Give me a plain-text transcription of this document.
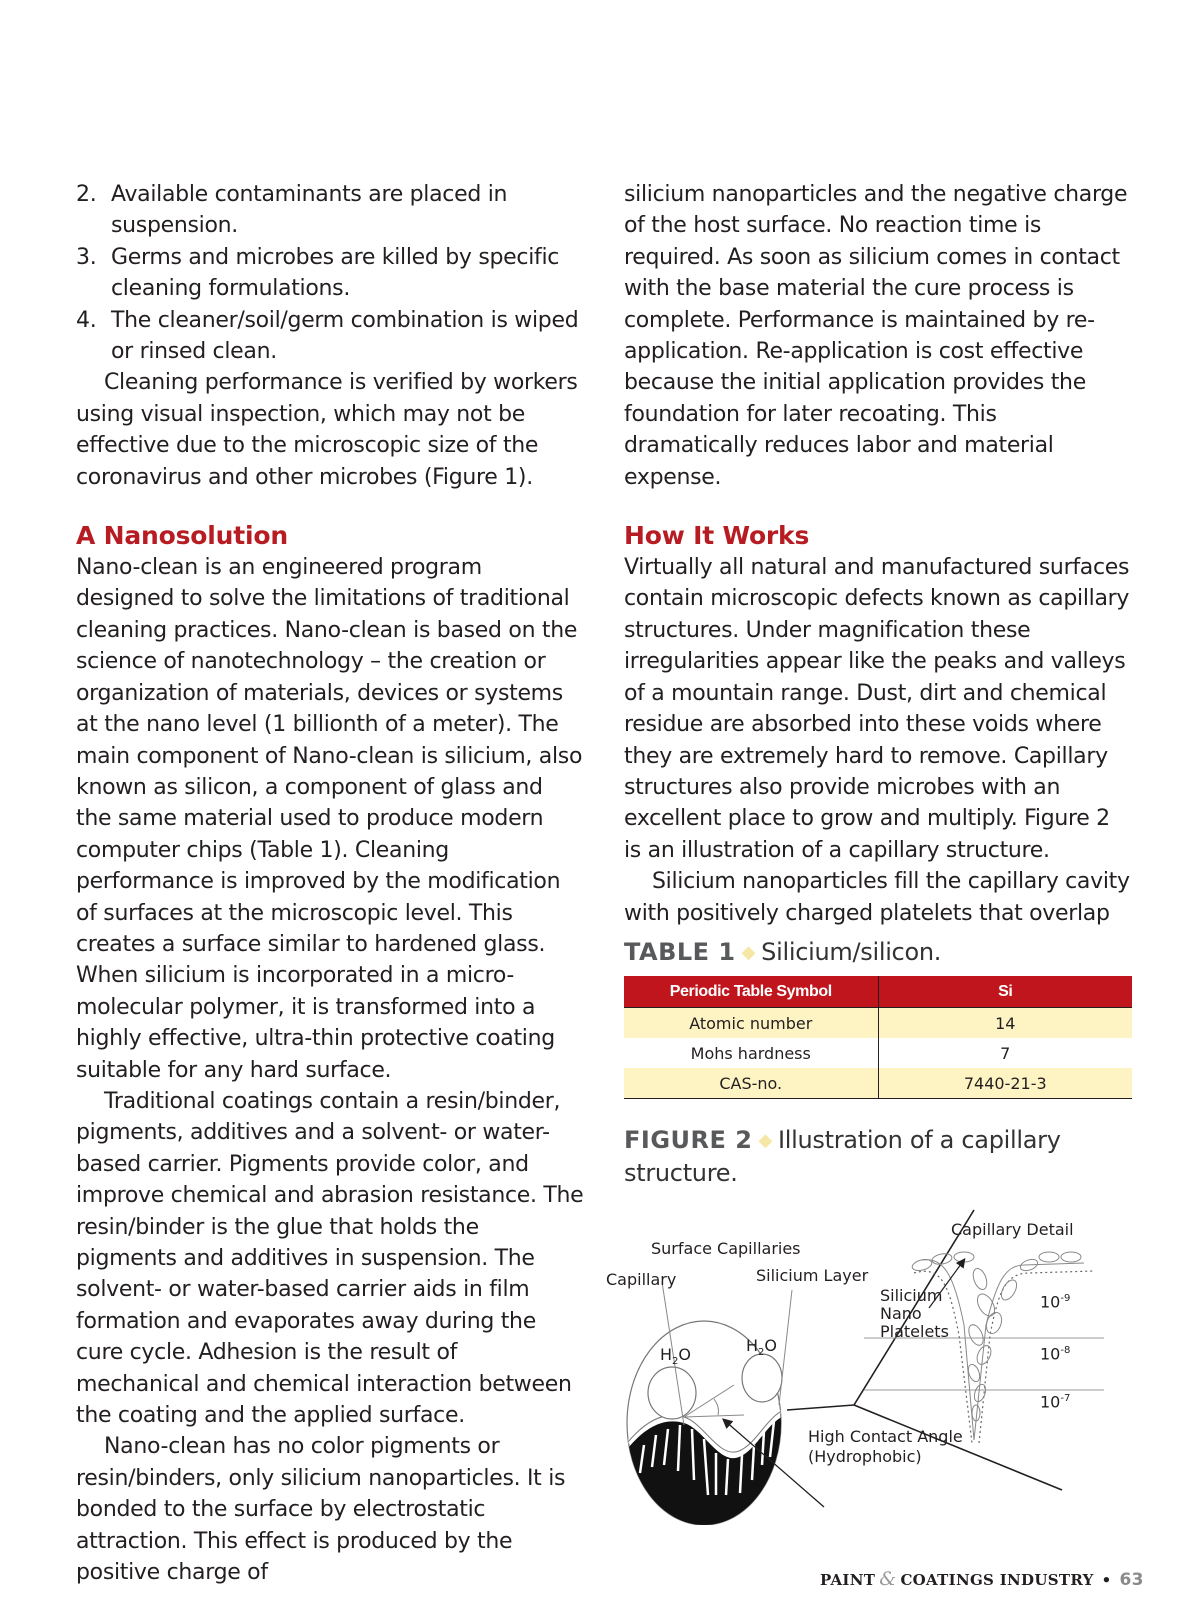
2. Available contaminants are placed in suspension.
3. Germs and microbes are killed by specific cleaning formulations.
4. The cleaner/soil/germ combination is wiped or rinsed clean.

Cleaning performance is verified by workers using visual inspection, which may not be effective due to the microscopic size of the coronavirus and other microbes (Figure 1).

A Nanosolution

Nano-clean is an engineered program designed to solve the limitations of traditional cleaning practices. Nano-clean is based on the science of nanotechnology – the creation or organization of materials, devices or systems at the nano level (1 billionth of a meter). The main component of Nano-clean is silicium, also known as silicon, a component of glass and the same material used to produce modern computer chips (Table 1). Cleaning performance is improved by the modification of surfaces at the microscopic level. This creates a surface similar to hardened glass. When silicium is incorporated in a micro-molecular polymer, it is transformed into a highly effective, ultra-thin protective coating suitable for any hard surface.

Traditional coatings contain a resin/binder, pigments, additives and a solvent- or water-based carrier. Pigments provide color, and improve chemical and abrasion resistance. The resin/binder is the glue that holds the pigments and additives in suspension. The solvent- or water-based carrier aids in film formation and evaporates away during the cure cycle. Adhesion is the result of mechanical and chemical interaction between the coating and the applied surface.

Nano-clean has no color pigments or resin/binders, only silicium nanoparticles. It is bonded to the surface by electrostatic attraction. This effect is produced by the positive charge of

silicium nanoparticles and the negative charge of the host surface. No reaction time is required. As soon as silicium comes in contact with the base material the cure process is complete. Performance is maintained by re-application. Re-application is cost effective because the initial application provides the foundation for later recoating. This dramatically reduces labor and material expense.

How It Works

Virtually all natural and manufactured surfaces contain microscopic defects known as capillary structures. Under magnification these irregularities appear like the peaks and valleys of a mountain range. Dust, dirt and chemical residue are absorbed into these voids where they are extremely hard to remove. Capillary structures also provide microbes with an excellent place to grow and multiply. Figure 2 is an illustration of a capillary structure.

Silicium nanoparticles fill the capillary cavity with positively charged platelets that overlap

TABLE 1 ◆ Silicium/silicon.
Periodic Table Symbol	Si
Atomic number	14
Mohs hardness	7
CAS-no.	7440-21-3
FIGURE 2 ◆ Illustration of a capillary structure.
Surface Capillaries
Capillary	Silicium Layer
$H_2O$	$H_2O$
Capillary Detail
Silicium
Nano
Platelets
$10^{-9}$
$10^{-8}$
$10^{-7}$
High Contact Angle
(Hydrophobic)
PAINT & COATINGS INDUSTRY • 63
